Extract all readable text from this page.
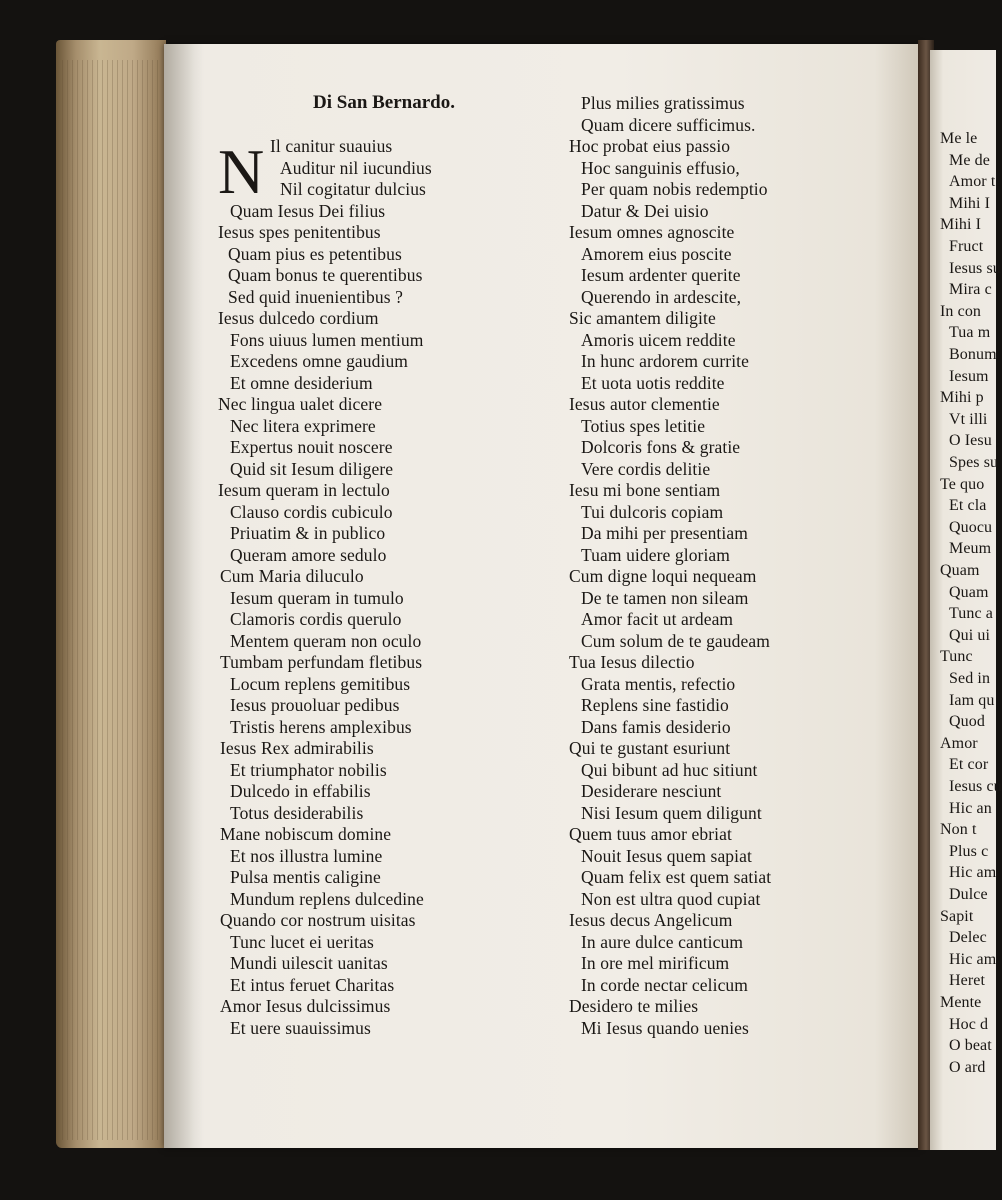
Me le
Me de
Amor t
Mihi I
Mihi I
Fruct
Iesus su
Mira c
In con
Tua m
Bonum
Iesum
Mihi p
Vt illi
O Iesu
Spes su
Te quo
Et cla
Quocu
Meum
Quam
Quam
Tunc a
Qui ui
Tunc
Sed in
Iam qu
Quod
Amor
Et cor
Iesus cu
Hic an
Non t
Plus c
Hic am
Dulce
Sapit
Delec
Hic am
Heret
Mente
Hoc d
O beat
O ard
Di San Bernardo.
N Il canitur suauius
Auditur nil iucundius
Nil cogitatur dulcius
Quam Iesus Dei filius
Iesus spes penitentibus
Quam pius es petentibus
Quam bonus te querentibus
Sed quid inuenientibus ?
Iesus dulcedo cordium
Fons uiuus lumen mentium
Excedens omne gaudium
Et omne desiderium
Nec lingua ualet dicere
Nec litera exprimere
Expertus nouit noscere
Quid sit Iesum diligere
Iesum queram in lectulo
Clauso cordis cubiculo
Priuatim & in publico
Queram amore sedulo
Cum Maria diluculo
Iesum queram in tumulo
Clamoris cordis querulo
Mentem queram non oculo
Tumbam perfundam fletibus
Locum replens gemitibus
Iesus prouoluar pedibus
Tristis herens amplexibus
Iesus Rex admirabilis
Et triumphator nobilis
Dulcedo in effabilis
Totus desiderabilis
Mane nobiscum domine
Et nos illustra lumine
Pulsa mentis caligine
Mundum replens dulcedine
Quando cor nostrum uisitas
Tunc lucet ei ueritas
Mundi uilescit uanitas
Et intus feruet Charitas
Amor Iesus dulcissimus
Et uere suauissimus
Plus milies gratissimus
Quam dicere sufficimus.
Hoc probat eius passio
Hoc sanguinis effusio,
Per quam nobis redemptio
Datur & Dei uisio
Iesum omnes agnoscite
Amorem eius poscite
Iesum ardenter querite
Querendo in ardescite,
Sic amantem diligite
Amoris uicem reddite
In hunc ardorem currite
Et uota uotis reddite
Iesus autor clementie
Totius spes letitie
Dolcoris fons & gratie
Vere cordis delitie
Iesu mi bone sentiam
Tui dulcoris copiam
Da mihi per presentiam
Tuam uidere gloriam
Cum digne loqui nequeam
De te tamen non sileam
Amor facit ut ardeam
Cum solum de te gaudeam
Tua Iesus dilectio
Grata mentis, refectio
Replens sine fastidio
Dans famis desiderio
Qui te gustant esuriunt
Qui bibunt ad huc sitiunt
Desiderare nesciunt
Nisi Iesum quem diligunt
Quem tuus amor ebriat
Nouit Iesus quem sapiat
Quam felix est quem satiat
Non est ultra quod cupiat
Iesus decus Angelicum
In aure dulce canticum
In ore mel mirificum
In corde nectar celicum
Desidero te milies
Mi Iesus quando uenies
